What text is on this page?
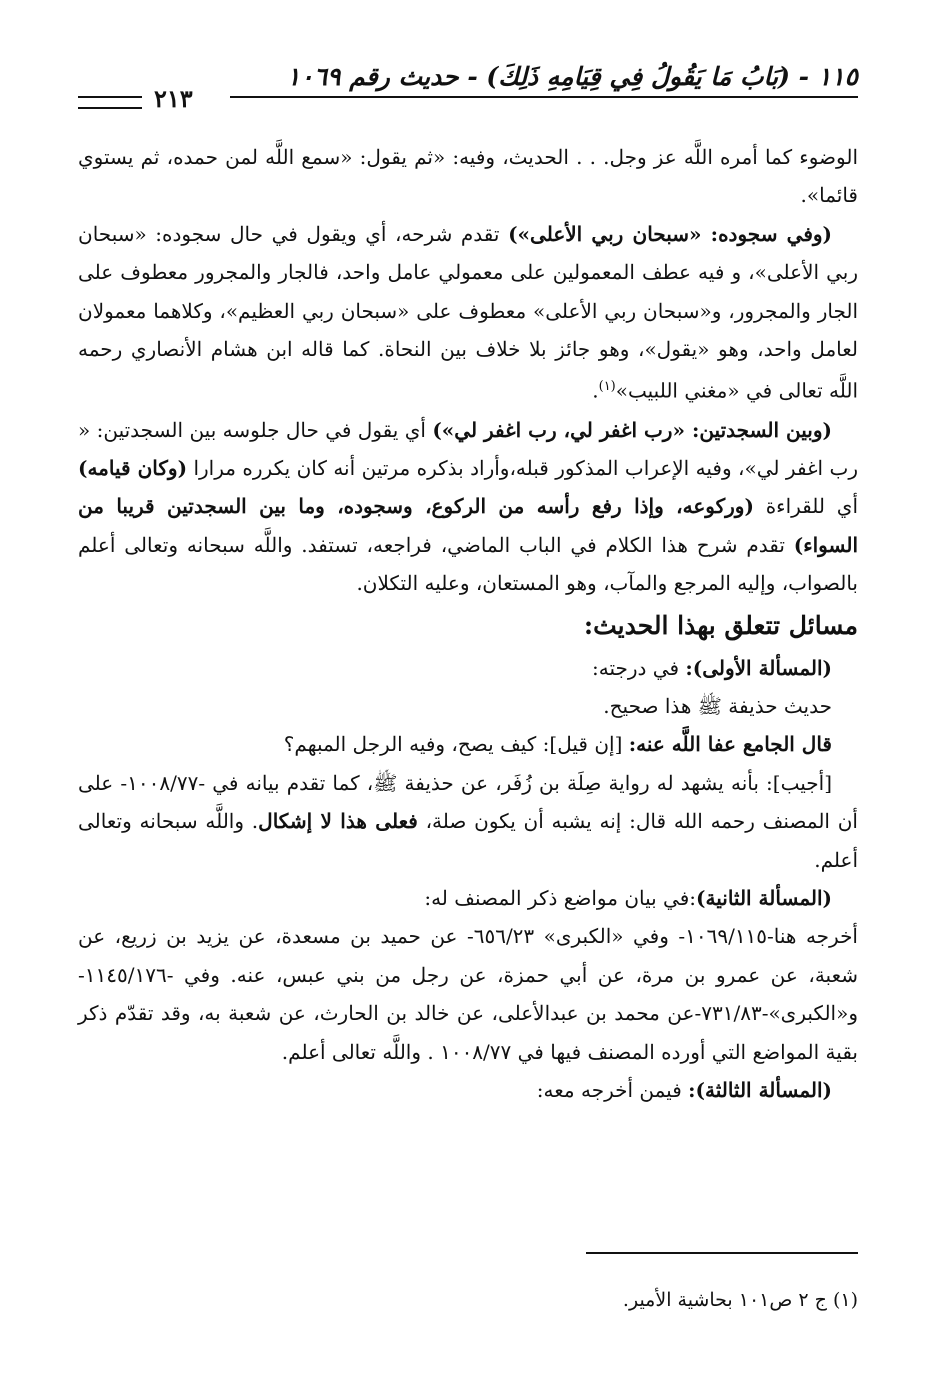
١١٥ - (بَابُ مَا يَقُولُ فِي قِيَامِهِ ذَلِكَ) - حديث رقم ١٠٦٩
٢١٣

الوضوء كما أمره اللَّه عز وجل. . . الحديث، وفيه: «ثم يقول: «سمع اللَّه لمن حمده، ثم يستوي قائما».

(وفي سجوده: «سبحان ربي الأعلى») تقدم شرحه، أي ويقول في حال سجوده: «سبحان ربي الأعلى»، و فيه عطف المعمولين على معمولي عامل واحد، فالجار والمجرور معطوف على الجار والمجرور، و«سبحان ربي الأعلى» معطوف على «سبحان ربي العظيم»، وكلاهما معمولان لعامل واحد، وهو «يقول»، وهو جائز بلا خلاف بين النحاة. كما قاله ابن هشام الأنصاري رحمه اللَّه تعالى في «مغني اللبيب»$^{(١)}$.

(وبين السجدتين: «رب اغفر لي، رب اغفر لي») أي يقول في حال جلوسه بين السجدتين: « رب اغفر لي»، وفيه الإعراب المذكور قبله،وأراد بذكره مرتين أنه كان يكرره مرارا (وكان قيامه) أي للقراءة (وركوعه، وإذا رفع رأسه من الركوع، وسجوده، وما بين السجدتين قريبا من السواء) تقدم شرح هذا الكلام في الباب الماضي، فراجعه، تستفد. واللَّه سبحانه وتعالى أعلم بالصواب، وإليه المرجع والمآب، وهو المستعان، وعليه التكلان.

مسائل تتعلق بهذا الحديث:

(المسألة الأولى): في درجته:

حديث حذيفة ﷺ هذا صحيح.

قال الجامع عفا اللَّه عنه: [إن قيل]: كيف يصح، وفيه الرجل المبهم؟

[أجيب]: بأنه يشهد له رواية صِلَة بن زُفَر، عن حذيفة ﷺ، كما تقدم بيانه في -١٠٠٨/٧٧- على أن المصنف رحمه الله قال: إنه يشبه أن يكون صلة، فعلى هذا لا إشكال. واللَّه سبحانه وتعالى أعلم.

(المسألة الثانية):في بيان مواضع ذكر المصنف له:

أخرجه هنا-١٠٦٩/١١٥- وفي «الكبرى» ٦٥٦/٢٣- عن حميد بن مسعدة، عن يزيد بن زريع، عن شعبة، عن عمرو بن مرة، عن أبي حمزة، عن رجل من بني عبس، عنه. وفي -١١٤٥/١٧٦- و«الكبرى»-٧٣١/٨٣-عن محمد بن عبدالأعلى، عن خالد بن الحارث، عن شعبة به، وقد تقدّم ذكر بقية المواضع التي أورده المصنف فيها في ١٠٠٨/٧٧ . واللَّه تعالى أعلم.

(المسألة الثالثة): فيمن أخرجه معه:

(١) ج ٢ ص١٠١ بحاشية الأمير.
